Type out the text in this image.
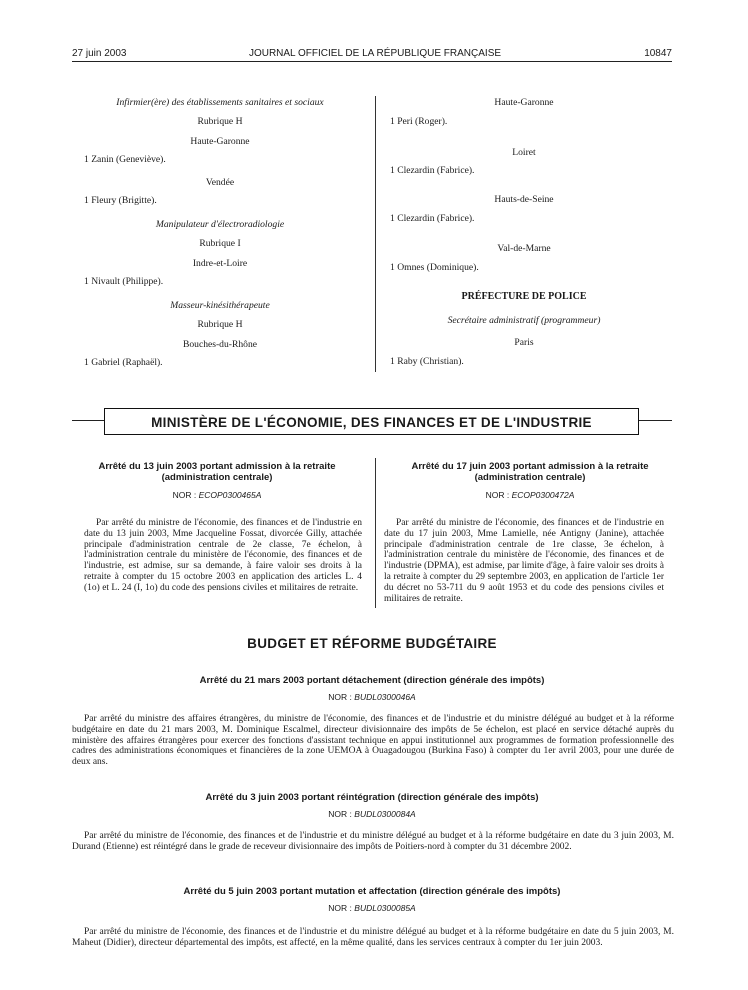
27 juin 2003	JOURNAL OFFICIEL DE LA RÉPUBLIQUE FRANÇAISE	10847
Infirmier(ère) des établissements sanitaires et sociaux
Rubrique H
Haute-Garonne
1 Zanin (Geneviève).
Vendée
1 Fleury (Brigitte).
Manipulateur d'électroradiologie
Rubrique I
Indre-et-Loire
1 Nivault (Philippe).
Masseur-kinésithérapeute
Rubrique H
Bouches-du-Rhône
1 Gabriel (Raphaël).
Haute-Garonne
1 Peri (Roger).
Loiret
1 Clezardin (Fabrice).
Hauts-de-Seine
1 Clezardin (Fabrice).
Val-de-Marne
1 Omnes (Dominique).
PRÉFECTURE DE POLICE
Secrétaire administratif (programmeur)
Paris
1 Raby (Christian).
MINISTÈRE DE L'ÉCONOMIE, DES FINANCES ET DE L'INDUSTRIE
Arrêté du 13 juin 2003 portant admission à la retraite
(administration centrale)
NOR : ECOP0300465A
Par arrêté du ministre de l'économie, des finances et de l'industrie en date du 13 juin 2003, Mme Jacqueline Fossat, divorcée Gilly, attachée principale d'administration centrale de 2e classe, 7e échelon, à l'administration centrale du ministère de l'économie, des finances et de l'industrie, est admise, sur sa demande, à faire valoir ses droits à la retraite à compter du 15 octobre 2003 en application des articles L. 4 (1o) et L. 24 (I, 1o) du code des pensions civiles et militaires de retraite.
Arrêté du 17 juin 2003 portant admission à la retraite
(administration centrale)
NOR : ECOP0300472A
Par arrêté du ministre de l'économie, des finances et de l'industrie en date du 17 juin 2003, Mme Lamielle, née Antigny (Janine), attachée principale d'administration centrale de 1re classe, 3e échelon, à l'administration centrale du ministère de l'économie, des finances et de l'industrie (DPMA), est admise, par limite d'âge, à faire valoir ses droits à la retraite à compter du 29 septembre 2003, en application de l'article 1er du décret no 53-711 du 9 août 1953 et du code des pensions civiles et militaires de retraite.
BUDGET ET RÉFORME BUDGÉTAIRE
Arrêté du 21 mars 2003 portant détachement (direction générale des impôts)
NOR : BUDL0300046A
Par arrêté du ministre des affaires étrangères, du ministre de l'économie, des finances et de l'industrie et du ministre délégué au budget et à la réforme budgétaire en date du 21 mars 2003, M. Dominique Escalmel, directeur divisionnaire des impôts de 5e échelon, est placé en service détaché auprès du ministère des affaires étrangères pour exercer des fonctions d'assistant technique en appui institutionnel aux programmes de formation professionnelle des cadres des administrations économiques et financières de la zone UEMOA à Ouagadougou (Burkina Faso) à compter du 1er avril 2003, pour une durée de deux ans.
Arrêté du 3 juin 2003 portant réintégration (direction générale des impôts)
NOR : BUDL0300084A
Par arrêté du ministre de l'économie, des finances et de l'industrie et du ministre délégué au budget et à la réforme budgétaire en date du 3 juin 2003, M. Durand (Etienne) est réintégré dans le grade de receveur divisionnaire des impôts de Poitiers-nord à compter du 31 décembre 2002.
Arrêté du 5 juin 2003 portant mutation et affectation (direction générale des impôts)
NOR : BUDL0300085A
Par arrêté du ministre de l'économie, des finances et de l'industrie et du ministre délégué au budget et à la réforme budgétaire en date du 5 juin 2003, M. Maheut (Didier), directeur départemental des impôts, est affecté, en la même qualité, dans les services centraux à compter du 1er juin 2003.
